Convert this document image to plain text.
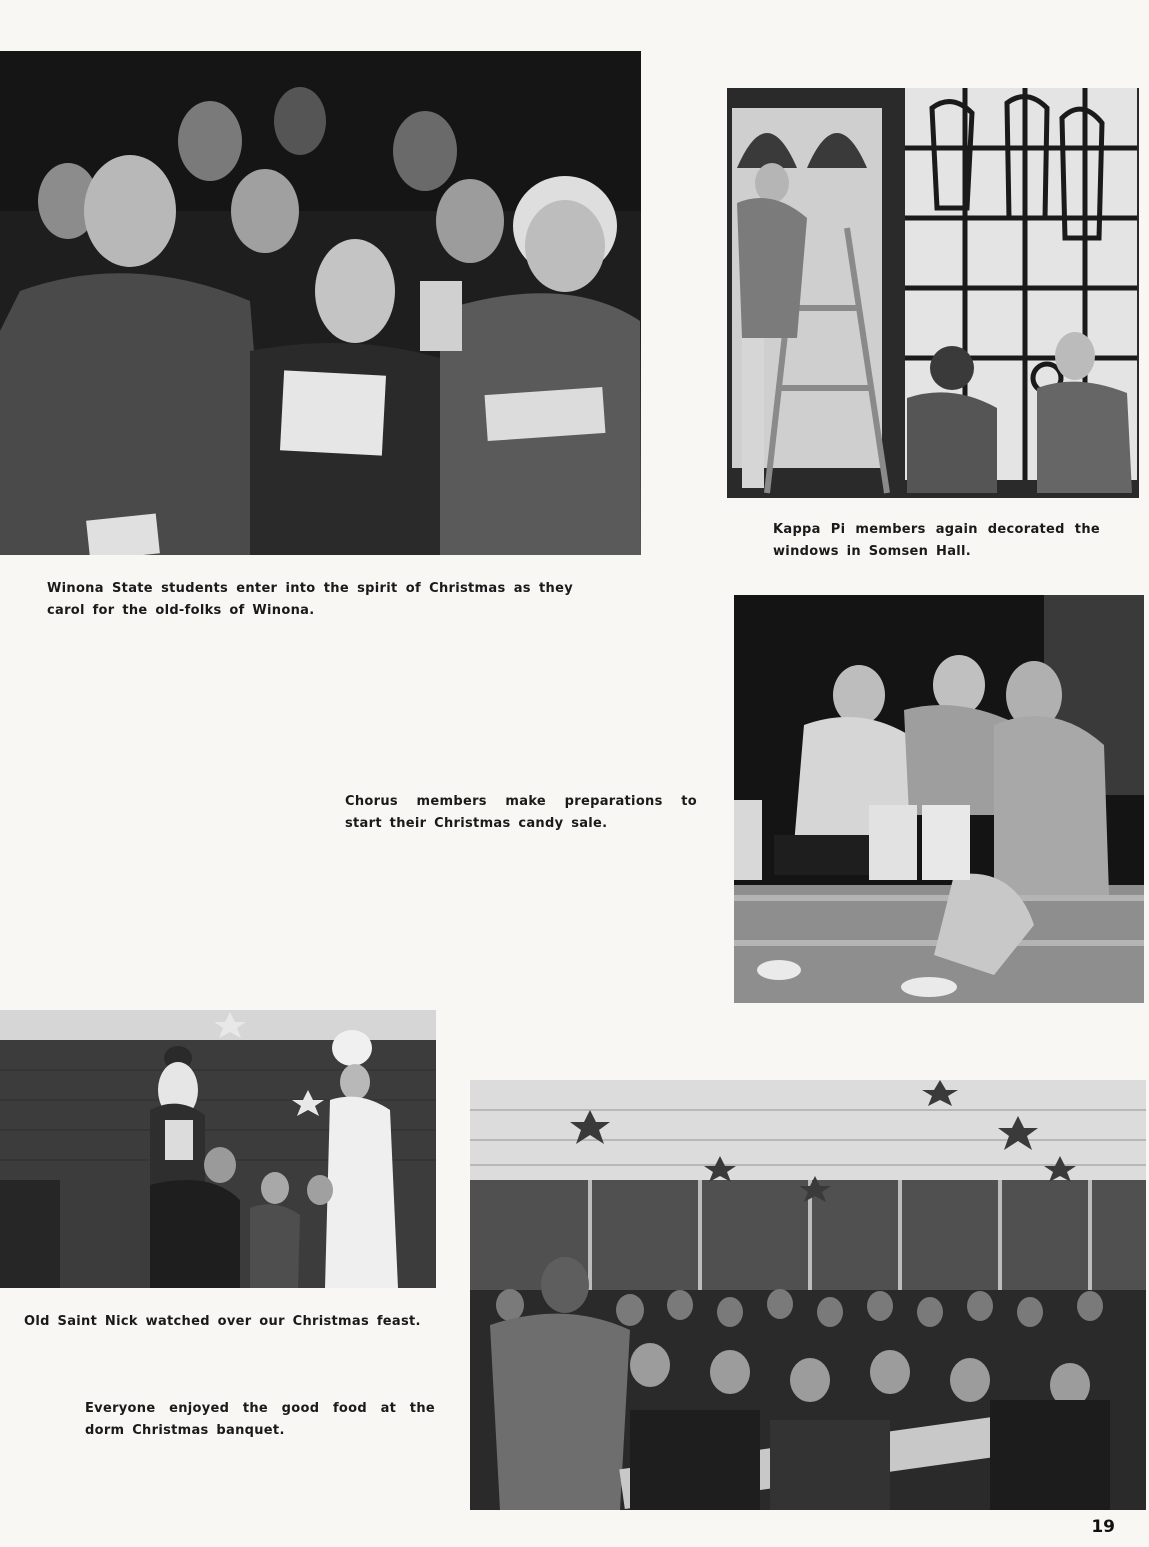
Winona State students enter into the spirit of Christmas as they carol for the old-folks of Winona.
Kappa Pi members again decorated the windows in Somsen Hall.
Chorus members make preparations to start their Christmas candy sale.
Old Saint Nick watched over our Christmas feast.
Everyone enjoyed the good food at the dorm Christmas banquet.
19
